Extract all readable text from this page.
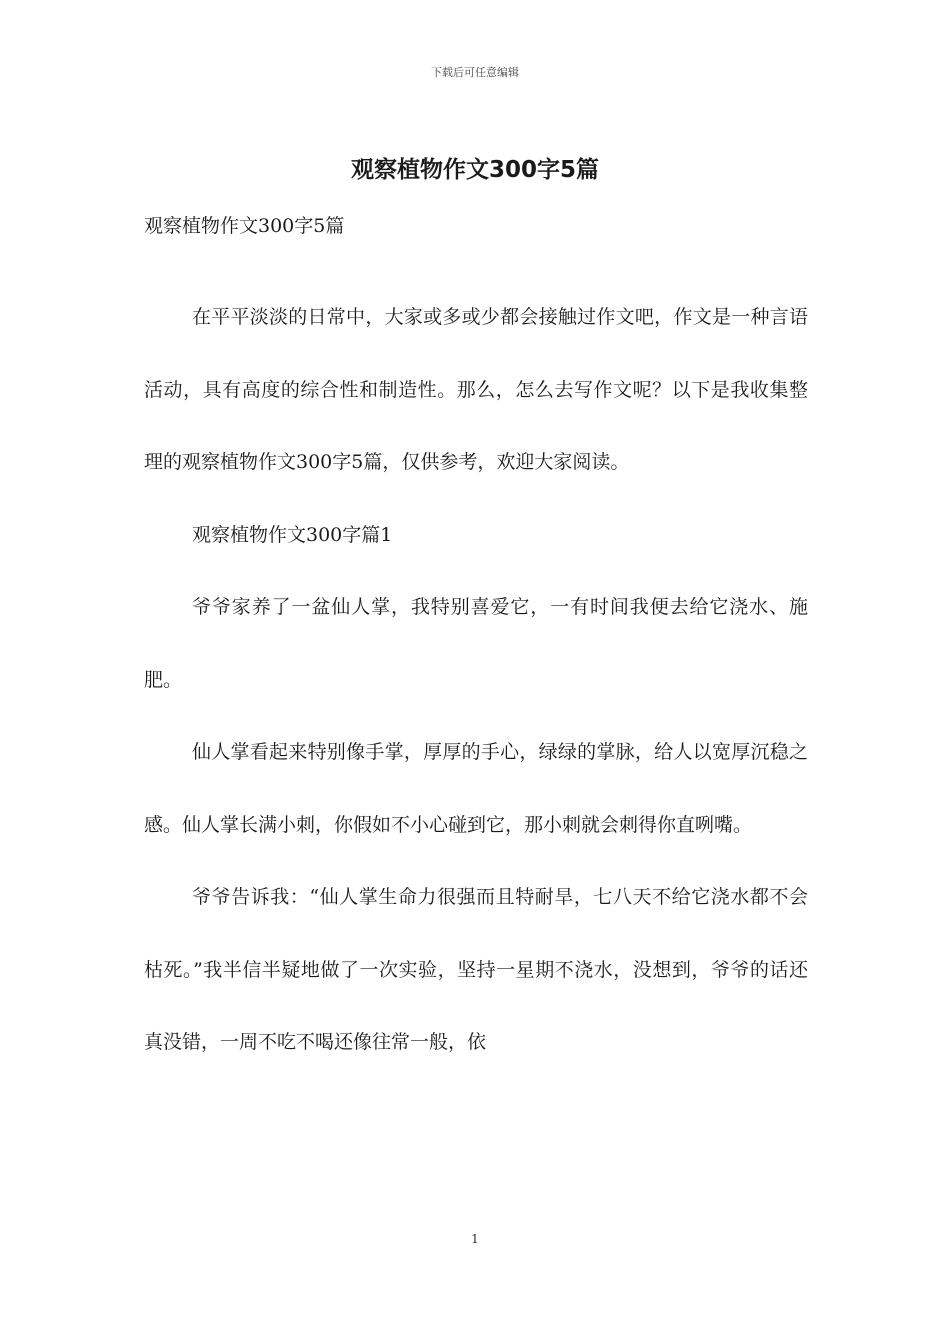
下载后可任意编辑
观察植物作文300字5篇
观察植物作文300字5篇

在平平淡淡的日常中，大家或多或少都会接触过作文吧，作文是一种言语活动，具有高度的综合性和制造性。那么，怎么去写作文呢？以下是我收集整理的观察植物作文300字5篇，仅供参考，欢迎大家阅读。

观察植物作文300字篇1

爷爷家养了一盆仙人掌，我特别喜爱它，一有时间我便去给它浇水、施肥。

仙人掌看起来特别像手掌，厚厚的手心，绿绿的掌脉，给人以宽厚沉稳之感。仙人掌长满小刺，你假如不小心碰到它，那小刺就会刺得你直咧嘴。

爷爷告诉我：“仙人掌生命力很强而且特耐旱，七八天不给它浇水都不会枯死。”我半信半疑地做了一次实验，坚持一星期不浇水，没想到，爷爷的话还真没错，一周不吃不喝还像往常一般，依

1
